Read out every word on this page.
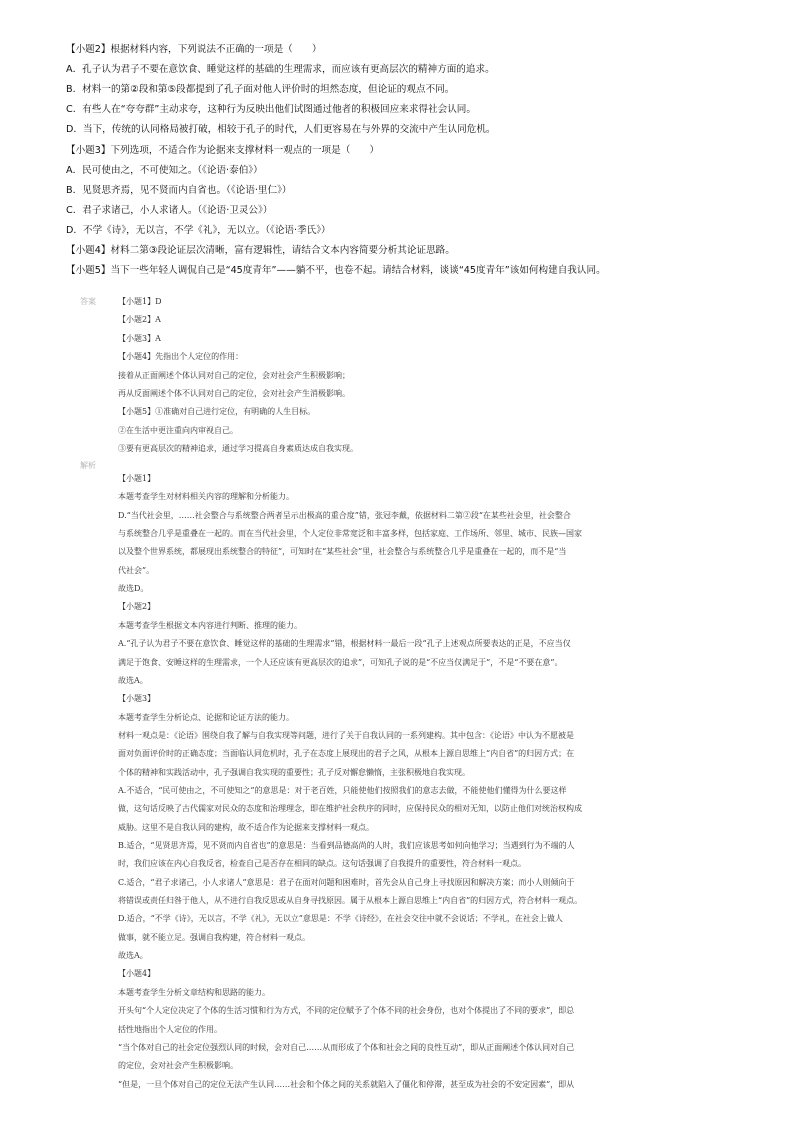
【小题2】根据材料内容，下列说法不正确的一项是（　　）
A．孔子认为君子不要在意饮食、睡觉这样的基础的生理需求，而应该有更高层次的精神方面的追求。
B．材料一的第②段和第⑤段都提到了孔子面对他人评价时的坦然态度，但论证的观点不同。
C．有些人在“夸夸群”主动求夸，这种行为反映出他们试图通过他者的积极回应来求得社会认同。
D．当下，传统的认同格局被打破，相较于孔子的时代，人们更容易在与外界的交流中产生认同危机。
【小题3】下列选项，不适合作为论据来支撑材料一观点的一项是（　　）
A．民可使由之，不可使知之。（《论语·泰伯》）
B．见贤思齐焉，见不贤而内自省也。（《论语·里仁》）
C．君子求诸己，小人求诸人。（《论语·卫灵公》）
D．不学《诗》，无以言，不学《礼》，无以立。（《论语·季氏》）
【小题4】材料二第③段论证层次清晰，富有逻辑性，请结合文本内容简要分析其论证思路。
【小题5】当下一些年轻人调侃自己是“45度青年”——躺不平，也卷不起。请结合材料，谈谈“45度青年”该如何构建自我认同。
答案	【小题1】D
【小题2】A
【小题3】A
【小题4】先指出个人定位的作用：
接着从正面阐述个体认同对自己的定位，会对社会产生积极影响；
再从反面阐述个体不认同对自己的定位，会对社会产生消极影响。
【小题5】①准确对自己进行定位，有明确的人生目标。
②在生活中更注重向内审视自己。
③要有更高层次的精神追求，通过学习提高自身素质达成自我实现。
解析
【小题1】
本题考查学生对材料相关内容的理解和分析能力。
D.“当代社会里，……社会整合与系统整合两者呈示出极高的重合度”错，张冠李戴，依据材料二第②段“在某些社会里，社会整合
与系统整合几乎是重叠在一起的。而在当代社会里，个人定位非常宽泛和丰富多样，包括家庭、工作场所、邻里、城市、民族—国家
以及整个世界系统，都展现出系统整合的特征”，可知时在“某些社会”里，社会整合与系统整合几乎是重叠在一起的，而不是“当
代社会”。
故选D。
【小题2】
本题考查学生根据文本内容进行判断、推理的能力。
A.“孔子认为君子不要在意饮食、睡觉这样的基础的生理需求”错，根据材料一最后一段“孔子上述观点所要表达的正是，不应当仅
满足于饱食、安睡这样的生理需求，一个人还应该有更高层次的追求”，可知孔子说的是“不应当仅满足于”，不是“不要在意”。
故选A。
【小题3】
本题考查学生分析论点、论据和论证方法的能力。
材料一观点是：《论语》围绕自我了解与自我实现等问题，进行了关于自我认同的一系列建构。其中包含：《论语》中认为不愿被是
面对负面评价时的正确态度；当面临认同危机时，孔子在态度上展现出的君子之风，从根本上源自思维上“内自省”的归因方式；在
个体的精神和实践活动中，孔子强调自我实现的重要性；孔子反对懈怠懒惰，主张积极地自我实现。
A.不适合，“民可使由之，不可使知之”的意思是：对于老百姓，只能使他们按照我们的意志去做，不能使他们懂得为什么要这样
做，这句话反映了古代儒家对民众的态度和治理理念，即在维护社会秩序的同时，应保持民众的相对无知，以防止他们对统治权构成
威胁。这里不是自我认同的建构，故不适合作为论据来支撑材料一观点。
B.适合，“见贤思齐焉，见不贤而内自省也”的意思是：当看到品德高尚的人时，我们应该思考如何向他学习；当遇到行为不端的人
时，我们应该在内心自我反省，检查自己是否存在相同的缺点。这句话强调了自我提升的重要性，符合材料一观点。
C.适合，“君子求诸己，小人求诸人”意思是：君子在面对问题和困难时，首先会从自己身上寻找原因和解决方案；而小人则倾向于
将错误或责任归咎于他人，从不进行自我反思或从自身寻找原因。属于从根本上源自思维上“内自省”的归因方式，符合材料一观点。
D.适合，“不学《诗》，无以言，不学《礼》，无以立”意思是：不学《诗经》，在社会交往中就不会说话；不学礼，在社会上做人
做事，就不能立足。强调自我构建，符合材料一观点。
故选A。
【小题4】
本题考查学生分析文章结构和思路的能力。
开头句“个人定位决定了个体的生活习惯和行为方式，不同的定位赋予了个体不同的社会身份，也对个体提出了不同的要求”，即总
括性地指出个人定位的作用。
“当个体对自己的社会定位强烈认同的时候，会对自己……从而形成了个体和社会之间的良性互动”，即从正面阐述个体认同对自己
的定位，会对社会产生积极影响。
“但是，一旦个体对自己的定位无法产生认同……社会和个体之间的关系就陷入了僵化和停滞，甚至成为社会的不安定因素”，即从
